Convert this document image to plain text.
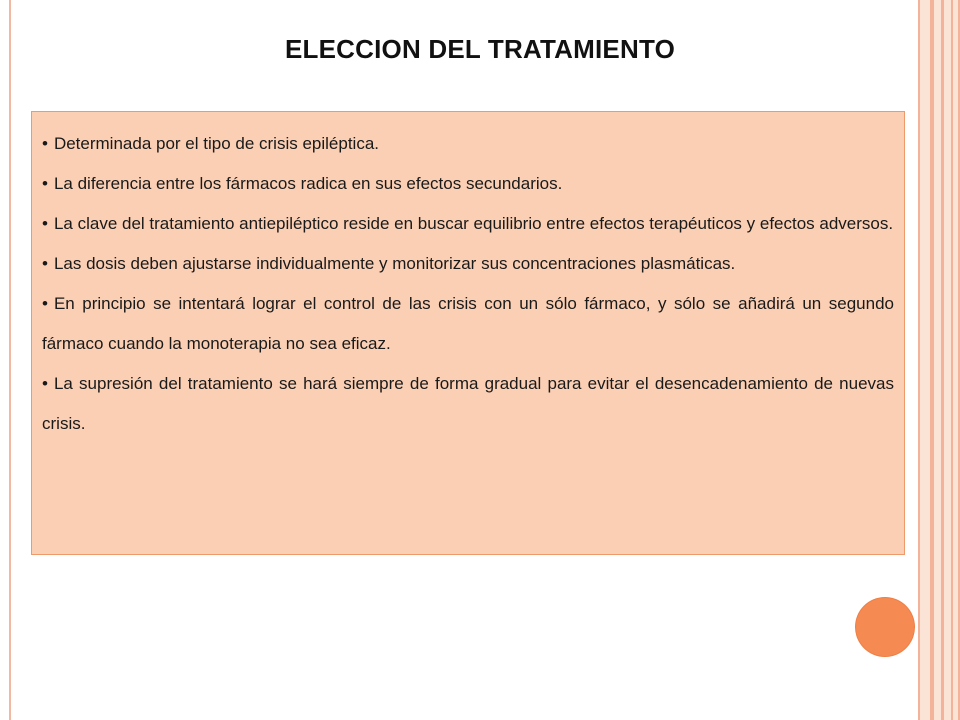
ELECCION DEL TRATAMIENTO
• Determinada por el tipo de crisis epiléptica.
• La diferencia entre los fármacos radica en sus efectos secundarios.
• La clave del tratamiento antiepiléptico reside en buscar equilibrio entre efectos terapéuticos y efectos adversos.
• Las dosis deben ajustarse individualmente y monitorizar sus concentraciones plasmáticas.
• En principio se intentará lograr el control de las crisis con un sólo fármaco, y sólo se añadirá un segundo fármaco cuando la monoterapia no sea eficaz.
• La supresión del tratamiento se hará siempre de forma gradual para evitar el desencadenamiento de nuevas crisis.
